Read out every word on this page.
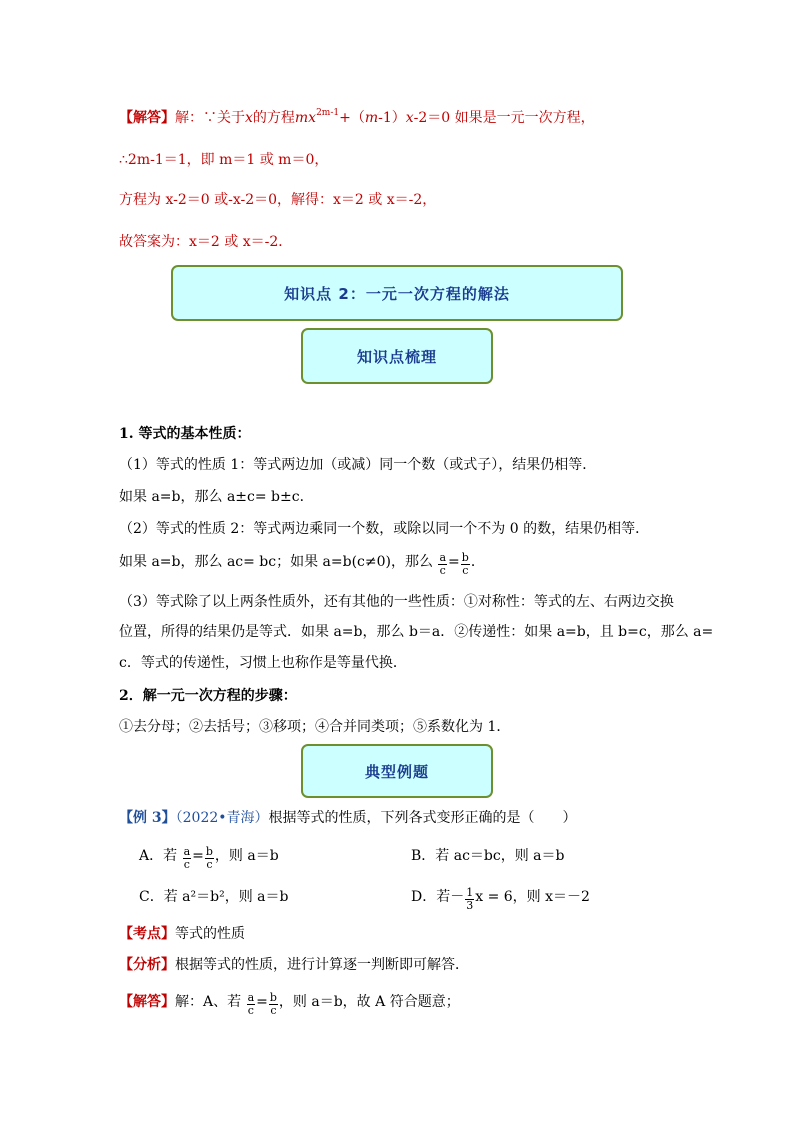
【解答】解：∵关于x的方程$mx^{2m-1}+(m-1)x-2=0$ 如果是一元一次方程，
∴2m-1＝1，即 m＝1 或 m＝0，
方程为 x-2＝0 或-x-2＝0，解得：x＝2 或 x＝-2，
故答案为：x＝2 或 x＝-2．
知识点 2：一元一次方程的解法
知识点梳理
1. 等式的基本性质：
（1）等式的性质 1：等式两边加（或减）同一个数（或式子），结果仍相等．
如果 a=b，那么 a±c= b±c．
（2）等式的性质 2：等式两边乘同一个数，或除以同一个不为 0 的数，结果仍相等．
如果 a=b，那么 ac= bc；如果 a=b(c≠0)，那么 $\frac{a}{c} = \frac{b}{c}$ ．
（3）等式除了以上两条性质外，还有其他的一些性质：①对称性：等式的左、右两边交换
位置，所得的结果仍是等式．如果 a=b，那么 b＝a．②传递性：如果 a=b，且 b=c，那么 a=
c．等式的传递性，习惯上也称作是等量代换．
2．解一元一次方程的步骤：
①去分母；②去括号；③移项；④合并同类项；⑤系数化为 1．
典型例题
【例 3】（2022•青海）根据等式的性质，下列各式变形正确的是（　　）
A．若 $\frac{a}{c} = \frac{b}{c}$ ，则 a＝b	B．若 ac＝bc，则 a＝b
C．若 a²＝b²，则 a＝b	D．若－ $\frac{1}{3}$ x = 6，则 x＝－2
【考点】等式的性质
【分析】根据等式的性质，进行计算逐一判断即可解答．
【解答】解：A、若 $\frac{a}{c} = \frac{b}{c}$ ，则 a＝b，故 A 符合题意；
